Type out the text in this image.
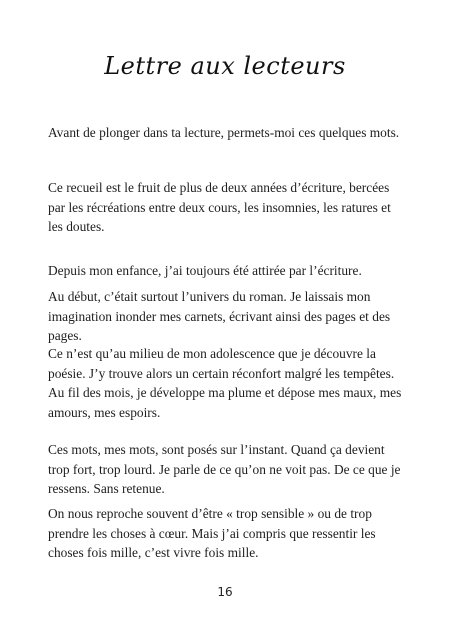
Lettre aux lecteurs

Avant de plonger dans ta lecture, permets-moi ces quelques mots.

Ce recueil est le fruit de plus de deux années d’écriture, bercées par les récréations entre deux cours, les insomnies, les ratures et les doutes.

Depuis mon enfance, j’ai toujours été attirée par l’écriture.

Au début, c’était surtout l’univers du roman. Je laissais mon imagination inonder mes carnets, écrivant ainsi des pages et des pages.

Ce n’est qu’au milieu de mon adolescence que je découvre la poésie. J’y trouve alors un certain réconfort malgré les tempêtes. Au fil des mois, je développe ma plume et dépose mes maux, mes amours, mes espoirs.

Ces mots, mes mots, sont posés sur l’instant. Quand ça devient trop fort, trop lourd. Je parle de ce qu’on ne voit pas. De ce que je ressens. Sans retenue.

On nous reproche souvent d’être « trop sensible » ou de trop prendre les choses à cœur. Mais j’ai compris que ressentir les choses fois mille, c’est vivre fois mille.

16
